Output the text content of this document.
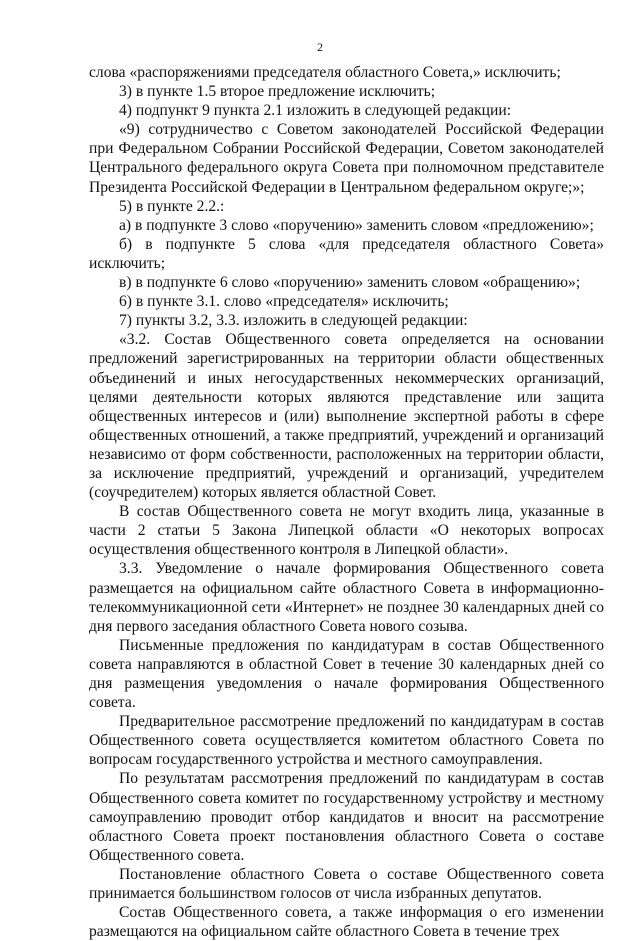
2

слова «распоряжениями председателя областного Совета,» исключить;

3) в пункте 1.5 второе предложение исключить;

4) подпункт 9 пункта 2.1 изложить в следующей редакции:

«9) сотрудничество с Советом законодателей Российской Федерации при Федеральном Собрании Российской Федерации, Советом законодателей Центрального федерального округа Совета при полномочном представителе Президента Российской Федерации в Центральном федеральном округе;»;

5) в пункте 2.2.:

а) в подпункте 3 слово «поручению» заменить словом «предложению»;

б) в подпункте 5 слова «для председателя областного Совета» исключить;

в) в подпункте 6 слово «поручению» заменить словом «обращению»;

6) в пункте 3.1. слово «председателя» исключить;

7) пункты 3.2, 3.3. изложить в следующей редакции:

«3.2. Состав Общественного совета определяется на основании предложений зарегистрированных на территории области общественных объединений и иных негосударственных некоммерческих организаций, целями деятельности которых являются представление или защита общественных интересов и (или) выполнение экспертной работы в сфере общественных отношений, а также предприятий, учреждений и организаций независимо от форм собственности, расположенных на территории области, за исключение предприятий, учреждений и организаций, учредителем (соучредителем) которых является областной Совет.

В состав Общественного совета не могут входить лица, указанные в части 2 статьи 5 Закона Липецкой области «О некоторых вопросах осуществления общественного контроля в Липецкой области».

3.3. Уведомление о начале формирования Общественного совета размещается на официальном сайте областного Совета в информационно-телекоммуникационной сети «Интернет» не позднее 30 календарных дней со дня первого заседания областного Совета нового созыва.

Письменные предложения по кандидатурам в состав Общественного совета направляются в областной Совет в течение 30 календарных дней со дня размещения уведомления о начале формирования Общественного совета.

Предварительное рассмотрение предложений по кандидатурам в состав Общественного совета осуществляется комитетом областного Совета по вопросам государственного устройства и местного самоуправления.

По результатам рассмотрения предложений по кандидатурам в состав Общественного совета комитет по государственному устройству и местному самоуправлению проводит отбор кандидатов и вносит на рассмотрение областного Совета проект постановления областного Совета о составе Общественного совета.

Постановление областного Совета о составе Общественного совета принимается большинством голосов от числа избранных депутатов.

Состав Общественного совета, а также информация о его изменении размещаются на официальном сайте областного Совета в течение трех
